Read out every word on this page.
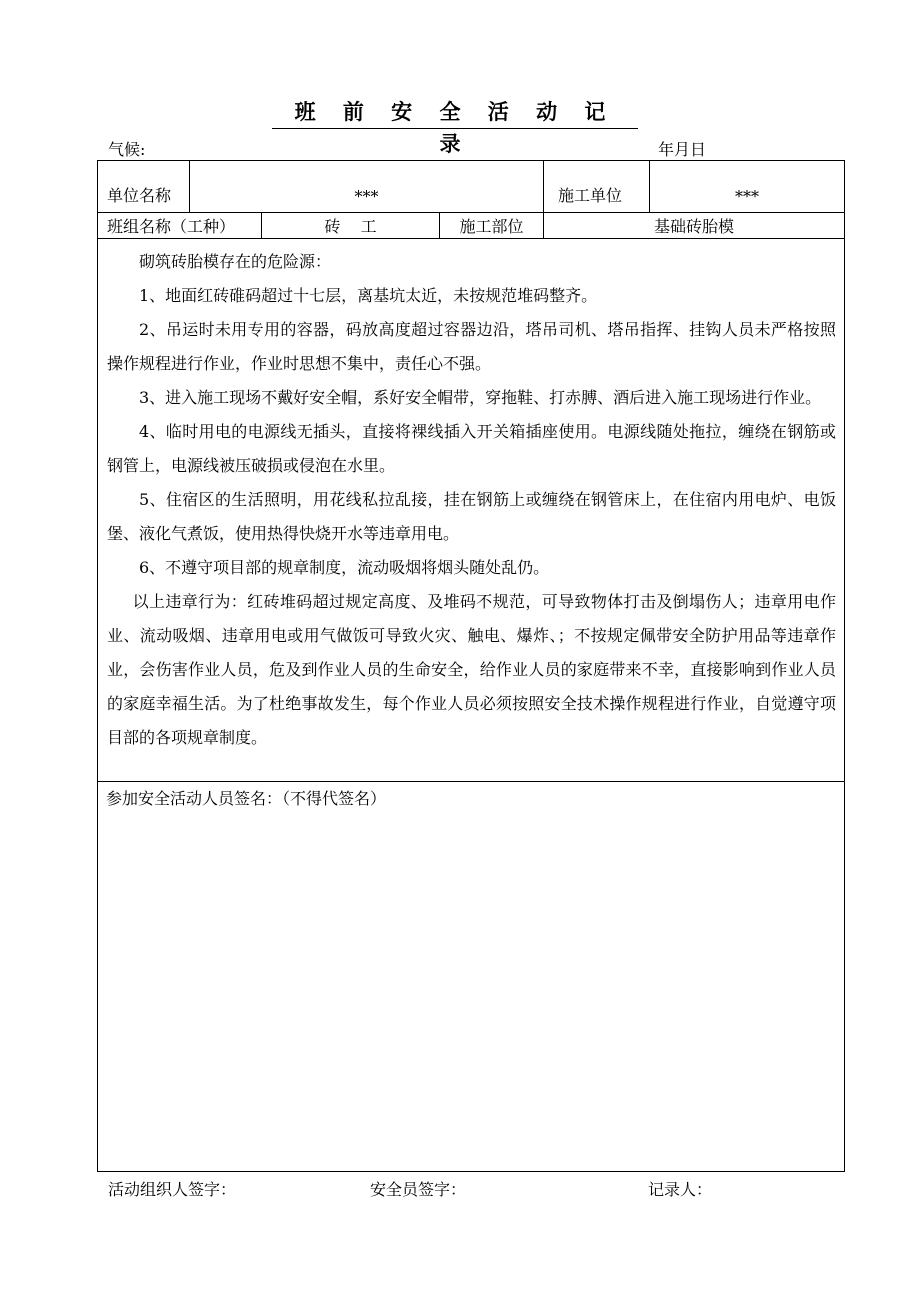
班 前 安 全 活 动 记 录
气候:	年月日
单位名称	***	施工单位	***
班组名称（工种）	砖    工	施工部位	基础砖胎模

砌筑砖胎模存在的危险源：

1、地面红砖碓码超过十七层，离基坑太近，未按规范堆码整齐。

2、吊运时未用专用的容器，码放高度超过容器边沿，塔吊司机、塔吊指挥、挂钩人员未严格按照操作规程进行作业，作业时思想不集中，责任心不强。

3、进入施工现场不戴好安全帽，系好安全帽带，穿拖鞋、打赤膊、酒后进入施工现场进行作业。

4、临时用电的电源线无插头，直接将裸线插入开关箱插座使用。电源线随处拖拉，缠绕在钢筋或钢管上，电源线被压破损或侵泡在水里。

5、住宿区的生活照明，用花线私拉乱接，挂在钢筋上或缠绕在钢管床上，在住宿内用电炉、电饭堡、液化气煮饭，使用热得快烧开水等违章用电。

6、不遵守项目部的规章制度，流动吸烟将烟头随处乱仍。

以上违章行为：红砖堆码超过规定高度、及堆码不规范，可导致物体打击及倒塌伤人；违章用电作业、流动吸烟、违章用电或用气做饭可导致火灾、触电、爆炸、；不按规定佩带安全防护用品等违章作业，会伤害作业人员，危及到作业人员的生命安全，给作业人员的家庭带来不幸，直接影响到作业人员的家庭幸福生活。为了杜绝事故发生，每个作业人员必须按照安全技术操作规程进行作业，自觉遵守项目部的各项规章制度。

参加安全活动人员签名：（不得代签名）
活动组织人签字：	安全员签字：	记录人：
